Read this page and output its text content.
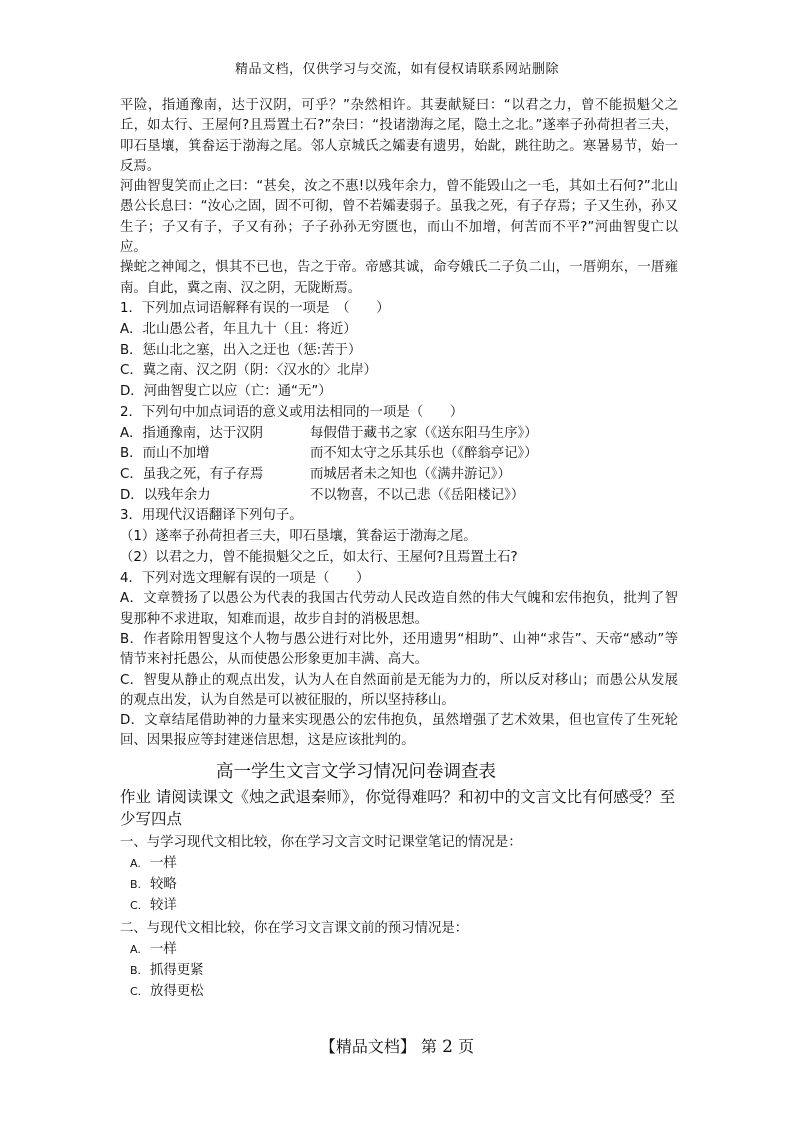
精品文档，仅供学习与交流，如有侵权请联系网站删除

平险，指通豫南，达于汉阴，可乎？”杂然相许。其妻献疑曰：“以君之力，曾不能损魁父之丘，如太行、王屋何?且焉置土石?”杂曰：“投诸渤海之尾，隐土之北。”遂率子孙荷担者三夫，叩石垦壤，箕畚运于渤海之尾。邻人京城氏之孀妻有遗男，始龀，跳往助之。寒暑易节，始一反焉。

河曲智叟笑而止之曰：“甚矣，汝之不惠!以残年余力，曾不能毁山之一毛，其如土石何?”北山愚公长息曰：“汝心之固，固不可彻，曾不若孀妻弱子。虽我之死，有子存焉；子又生孙，孙又生子；子又有子，子又有孙；子子孙孙无穷匮也，而山不加增，何苦而不平?”河曲智叟亡以应。

操蛇之神闻之，惧其不已也，告之于帝。帝感其诚，命夸娥氏二子负二山，一厝朔东，一厝雍南。自此，冀之南、汉之阴，无陇断焉。

1．下列加点词语解释有误的一项是　（　　）

A．北山愚公者，年且九十（且：将近）

B．惩山北之塞，出入之迂也（惩:苦于）

C．冀之南、汉之阴（阴：〈汉水的〉北岸）

D．河曲智叟亡以应（亡：通“无”）

2．下列句中加点词语的意义或用法相同的一项是（　　）

A．指通豫南，达于汉阴	每假借于藏书之家（《送东阳马生序》）
B．而山不加增	而不知太守之乐其乐也（《醉翁亭记》）
C．虽我之死，有子存焉	而城居者未之知也（《满井游记》）
D．以残年余力	不以物喜，不以己悲（《岳阳楼记》）

3．用现代汉语翻译下列句子。

（1）遂率子孙荷担者三夫，叩石垦壤，箕畚运于渤海之尾。

（2）以君之力，曾不能损魁父之丘，如太行、王屋何?且焉置土石?

4．下列对选文理解有误的一项是（　　）

A．文章赞扬了以愚公为代表的我国古代劳动人民改造自然的伟大气魄和宏伟抱负，批判了智叟那种不求进取，知难而退，故步自封的消极思想。

B．作者除用智叟这个人物与愚公进行对比外，还用遗男“相助”、山神“求告”、天帝“感动”等情节来衬托愚公，从而使愚公形象更加丰满、高大。

C．智叟从静止的观点出发，认为人在自然面前是无能为力的，所以反对移山；而愚公从发展的观点出发，认为自然是可以被征服的，所以坚持移山。

D．文章结尾借助神的力量来实现愚公的宏伟抱负，虽然增强了艺术效果，但也宣传了生死轮回、因果报应等封建迷信思想，这是应该批判的。

高一学生文言文学习情况问卷调查表

作业 请阅读课文《烛之武退秦师》，你觉得难吗？和初中的文言文比有何感受？至少写四点

一、与学习现代文相比较，你在学习文言文时记课堂笔记的情况是：

A. 一样
B. 较略
C. 较详

二、与现代文相比较，你在学习文言课文前的预习情况是：

A. 一样
B. 抓得更紧
C. 放得更松
【精品文档】 第 2 页
